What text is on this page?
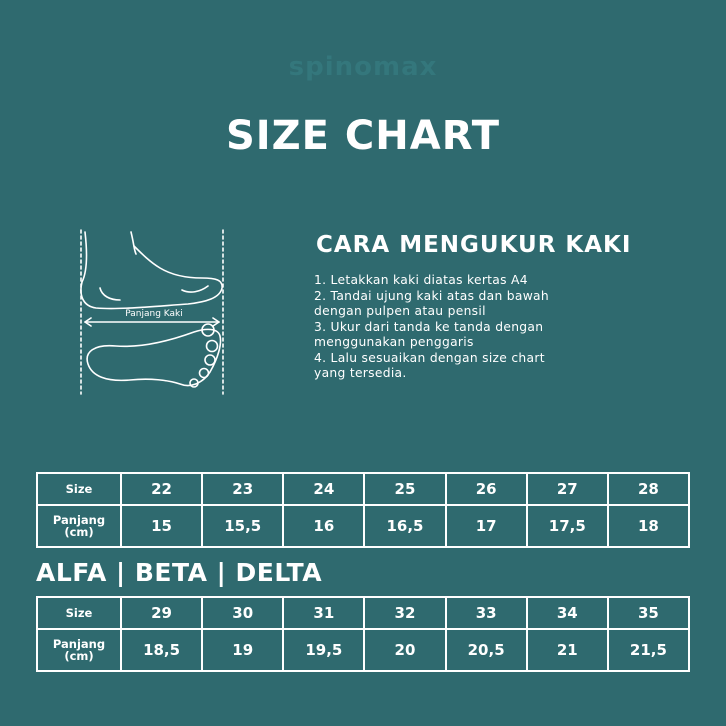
spinomax
SIZE CHART
Panjang Kaki
CARA MENGUKUR KAKI
1. Letakkan kaki diatas kertas A4
2. Tandai ujung kaki atas dan bawah
dengan pulpen atau pensil
3. Ukur dari tanda ke tanda dengan
menggunakan penggaris
4. Lalu sesuaikan dengan size chart
yang tersedia.
Size	22	23	24	25	26	27	28
Panjang
(cm)	15	15,5	16	16,5	17	17,5	18
ALFA | BETA | DELTA
Size	29	30	31	32	33	34	35
Panjang
(cm)	18,5	19	19,5	20	20,5	21	21,5
